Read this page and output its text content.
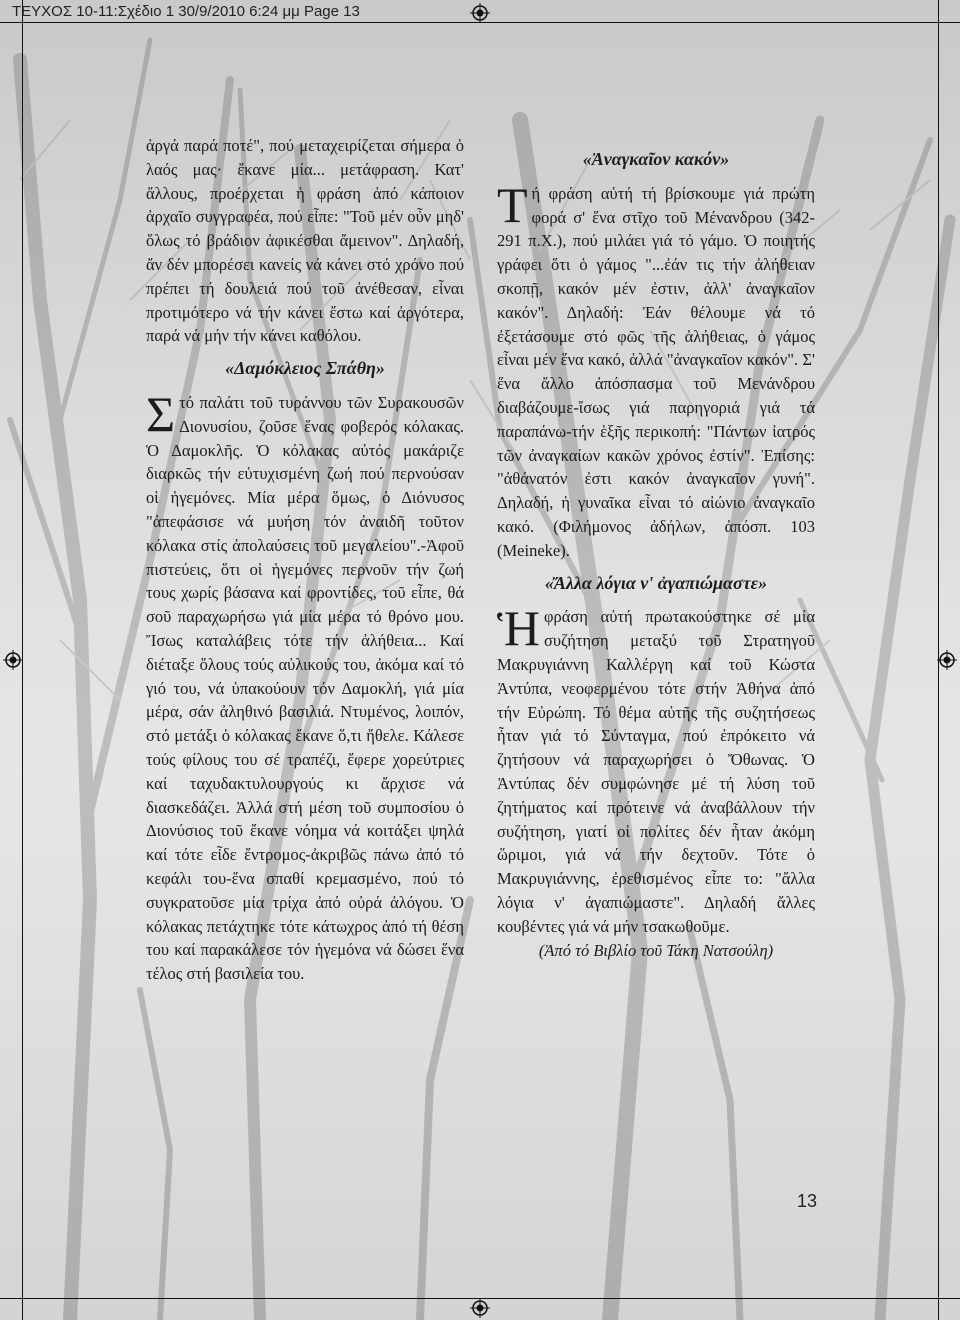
ΤΕΥΧΟΣ 10-11:Σχέδιο 1 30/9/2010 6:24 μμ Page 13

ἀργά παρά ποτέ", πού μεταχειρίζεται σήμερα ὁ λαός μας· ἔκανε μία... μετάφραση. Κατ' ἄλλους, προέρχεται ἡ φράση ἀπό κάποιον ἀρχαῖο συγγραφέα, πού εἶπε: "Τοῦ μέν οὖν μηδ' ὅλως τό βράδιον ἀφικέσθαι ἄμεινον". Δηλαδή, ἄν δέν μπορέσει κανείς νά κάνει στό χρόνο πού πρέπει τή δουλειά πού τοῦ ἀνέθεσαν, εἶναι προτιμότερο νά τήν κάνει ἔστω καί ἀργότερα, παρά νά μήν τήν κάνει καθόλου.

«Δαμόκλειος Σπάθη»

Σ τό παλάτι τοῦ τυράννου τῶν Συρακουσῶν Διονυσίου, ζοῦσε ἕνας φοβερός κόλακας. Ὁ Δαμοκλῆς. Ὁ κόλακας αὐτός μακάριζε διαρκῶς τήν εὐτυχισμένη ζωή πού περνούσαν οἱ ἡγεμόνες. Μία μέρα ὅμως, ὁ Διόνυσος "ἀπεφάσισε νά μυήση τόν ἀναιδῆ τοῦτον κόλακα στίς ἀπολαύσεις τοῦ μεγαλείου".-Ἀφοῦ πιστεύεις, ὅτι οἱ ἡγεμόνες περνοῦν τήν ζωή τους χωρίς βάσανα καί φροντίδες, τοῦ εἶπε, θά σοῦ παραχωρήσω γιά μία μέρα τό θρόνο μου. Ἴσως καταλάβεις τότε τήν ἀλήθεια... Καί διέταξε ὅλους τούς αὐλικούς του, ἀκόμα καί τό γιό του, νά ὑπακούουν τόν Δαμοκλή, γιά μία μέρα, σάν ἀληθινό βασιλιά. Ντυμένος, λοιπόν, στό μετάξι ὁ κόλακας ἔκανε ὅ,τι ἤθελε. Κάλεσε τούς φίλους του σέ τραπέζι, ἔφερε χορεύτριες καί ταχυδακτυλουργούς κι ἄρχισε νά διασκεδάζει. Ἀλλά στή μέση τοῦ συμποσίου ὁ Διονύσιος τοῦ ἔκανε νόημα νά κοιτάξει ψηλά καί τότε εἶδε ἔντρομος-ἀκριβῶς πάνω ἀπό τό κεφάλι του-ἕνα σπαθί κρεμασμένο, πού τό συγκρατοῦσε μία τρίχα ἀπό οὐρά ἀλόγου. Ὁ κόλακας πετάχτηκε τότε κάτωχρος ἀπό τή θέση του καί παρακάλεσε τόν ἡγεμόνα νά δώσει ἕνα τέλος στή βασιλεία του.

«Ἀναγκαῖον κακόν»

Τ ή φράση αὐτή τή βρίσκουμε γιά πρώτη φορά σ' ἕνα στῖχο τοῦ Μένανδρου (342-291 π.Χ.), πού μιλάει γιά τό γάμο. Ὁ ποιητής γράφει ὅτι ὁ γάμος "...ἐάν τις τήν ἀλήθειαν σκοπῇ, κακόν μέν ἐστιν, ἀλλ' ἀναγκαῖον κακόν". Δηλαδή: Ἐάν θέλουμε νά τό ἐξετάσουμε στό φῶς τῆς ἀλήθειας, ὁ γάμος εἶναι μέν ἕνα κακό, ἀλλά "ἀναγκαῖον κακόν". Σ' ἕνα ἄλλο ἀπόσπασμα τοῦ Μενάνδρου διαβάζουμε-ἴσως γιά παρηγοριά γιά τά παραπάνω-τήν ἑξῆς περικοπή: "Πάντων ἰατρός τῶν ἀναγκαίων κακῶν χρόνος ἐστίν". Ἐπίσης: "ἀθάνατόν ἐστι κακόν ἀναγκαῖον γυνή". Δηλαδή, ἡ γυναῖκα εἶναι τό αἰώνιο ἀναγκαῖο κακό. (Φιλήμονος ἀδήλων, ἀπόσπ. 103 (Meineke).

«Ἄλλα λόγια ν' ἀγαπιώμαστε»

Ἡ φράση αὐτή πρωτακούστηκε σέ μία συζήτηση μεταξύ τοῦ Στρατηγοῦ Μακρυγιάννη Καλλέργη καί τοῦ Κώστα Ἀντύπα, νεοφερμένου τότε στήν Ἀθήνα ἀπό τήν Εὐρώπη. Τό θέμα αὐτῆς τῆς συζητήσεως ἦταν γιά τό Σύνταγμα, πού ἐπρόκειτο νά ζητήσουν νά παραχωρήσει ὁ Ὄθωνας. Ὁ Ἀντύπας δέν συμφώνησε μέ τή λύση τοῦ ζητήματος καί πρότεινε νά ἀναβάλλουν τήν συζήτηση, γιατί οἱ πολίτες δέν ἦταν ἀκόμη ὥριμοι, γιά νά τήν δεχτοῦν. Τότε ὁ Μακρυγιάννης, ἐρεθισμένος εἶπε το: "ἄλλα λόγια ν' ἀγαπιώμαστε". Δηλαδή ἄλλες κουβέντες γιά νά μήν τσακωθοῦμε.

(Ἀπό τό Βιβλίο τοῦ Τάκη Νατσούλη)

13
